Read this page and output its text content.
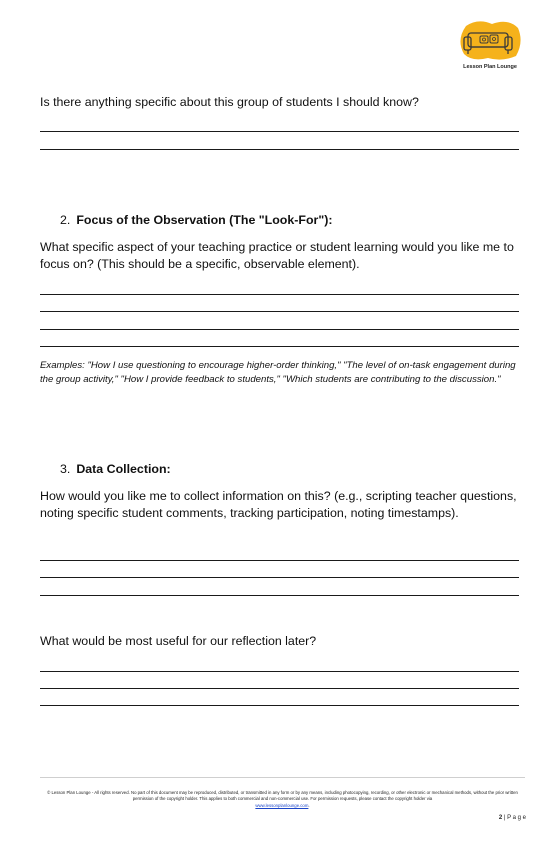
Lesson Plan Lounge
Is there anything specific about this group of students I should know?
2. Focus of the Observation (The "Look-For"):
What specific aspect of your teaching practice or student learning would you like me to focus on? (This should be a specific, observable element).
Examples: "How I use questioning to encourage higher-order thinking," "The level of on-task engagement during the group activity," "How I provide feedback to students," "Which students are contributing to the discussion."
3. Data Collection:
How would you like me to collect information on this? (e.g., scripting teacher questions, noting specific student comments, tracking participation, noting timestamps).
What would be most useful for our reflection later?
© Lesson Plan Lounge - All rights reserved. No part of this document may be reproduced, distributed, or transmitted in any form or by any means, including photocopying, recording, or other electronic or mechanical methods, without the prior written permission of the copyright holder. This applies to both commercial and non-commercial use. For permission requests, please contact the copyright holder via
www.lessonplanlounge.com.
2 | P a g e
